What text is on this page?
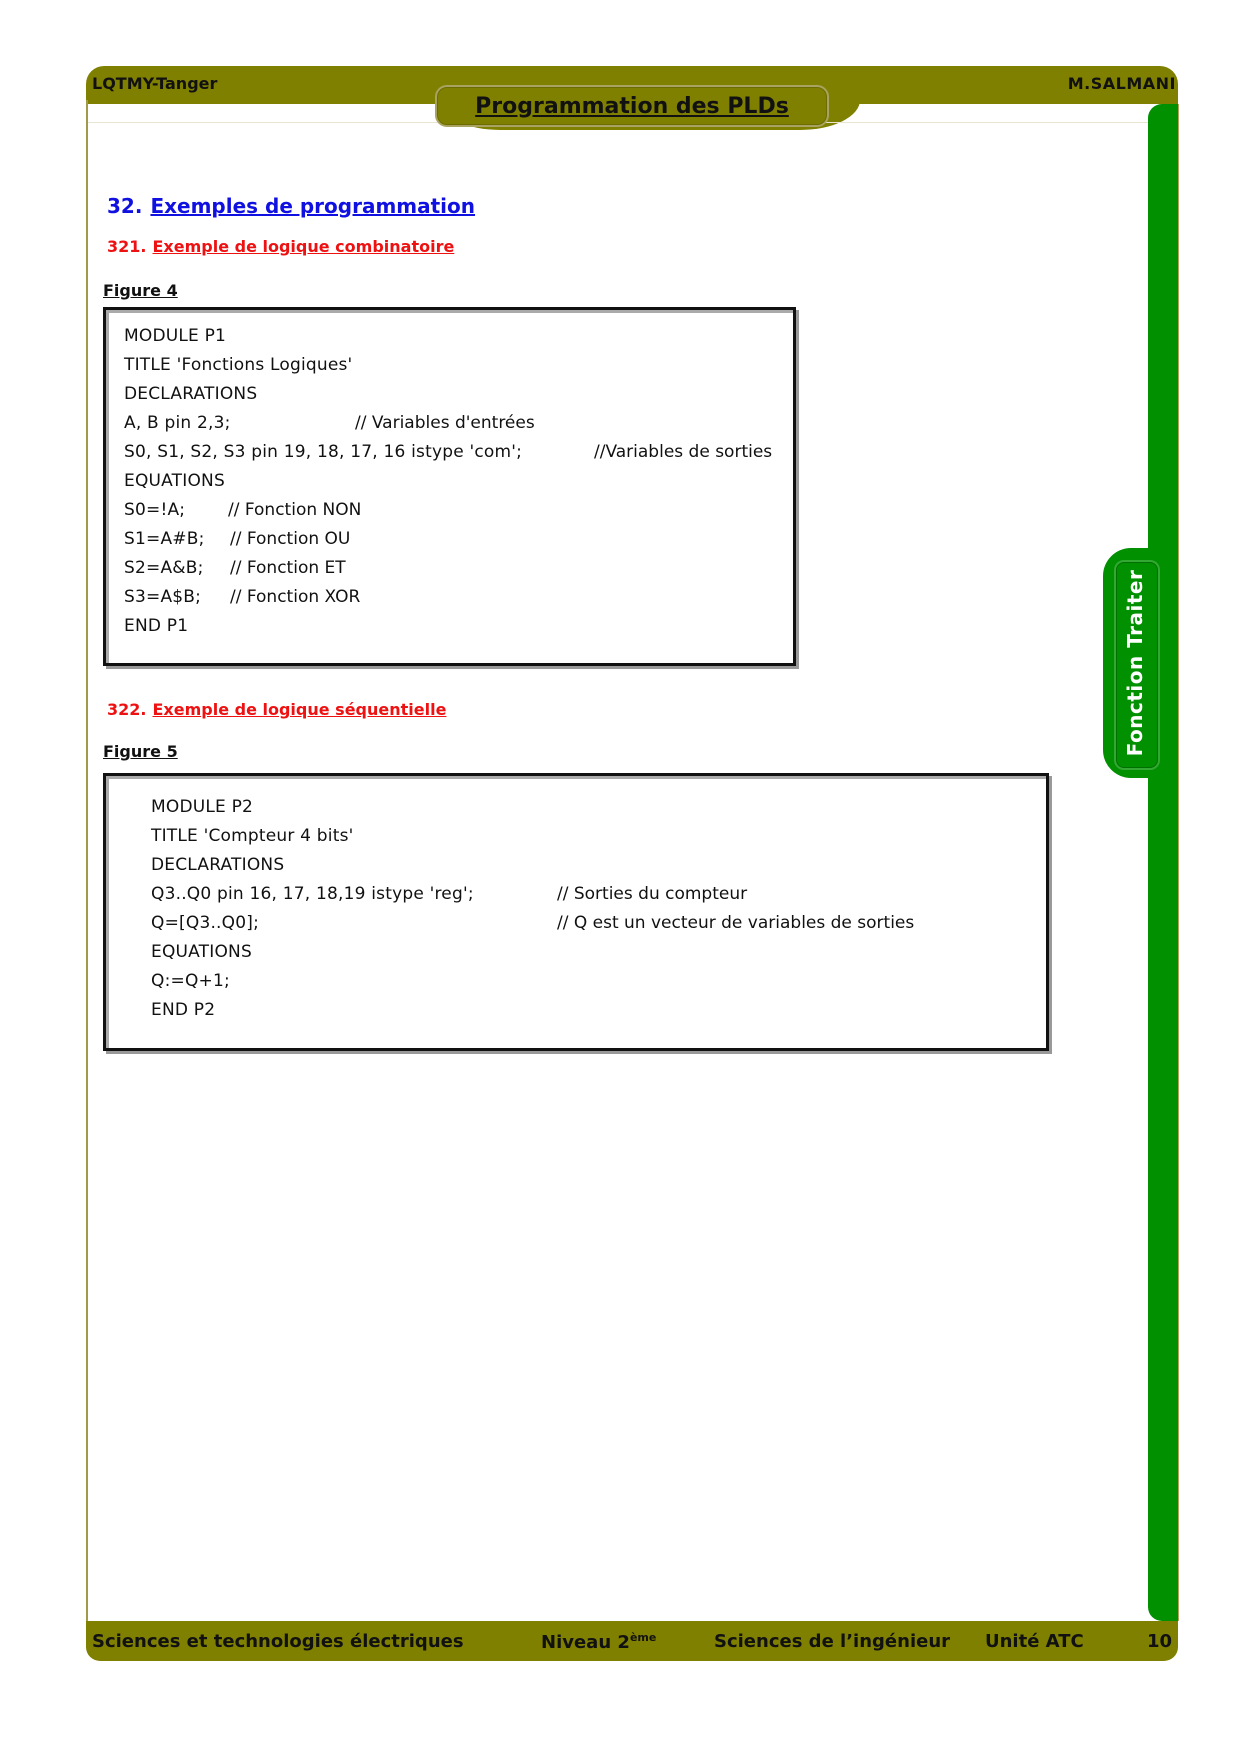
LQTMY-Tanger	M.SALMANI
Programmation des PLDs
Fonction Traiter
32. Exemples de programmation
321. Exemple de logique combinatoire
Figure 4
MODULE P1
TITLE 'Fonctions Logiques'
DECLARATIONS
A, B pin 2,3;	// Variables d'entrées
S0, S1, S2, S3 pin 19, 18, 17, 16 istype 'com';	//Variables de sorties
EQUATIONS
S0=!A;	// Fonction NON
S1=A#B; // Fonction OU
S2=A&B; // Fonction ET
S3=A$B; // Fonction XOR
END P1
322. Exemple de logique séquentielle
Figure 5
MODULE P2
TITLE 'Compteur 4 bits'
DECLARATIONS
Q3..Q0 pin 16, 17, 18,19 istype 'reg';	// Sorties du compteur
Q=[Q3..Q0];	// Q est un vecteur de variables de sorties
EQUATIONS
Q:=Q+1;
END P2
Sciences et technologies électriques	Niveau 2ème	Sciences de l’ingénieur Unité ATC	10
